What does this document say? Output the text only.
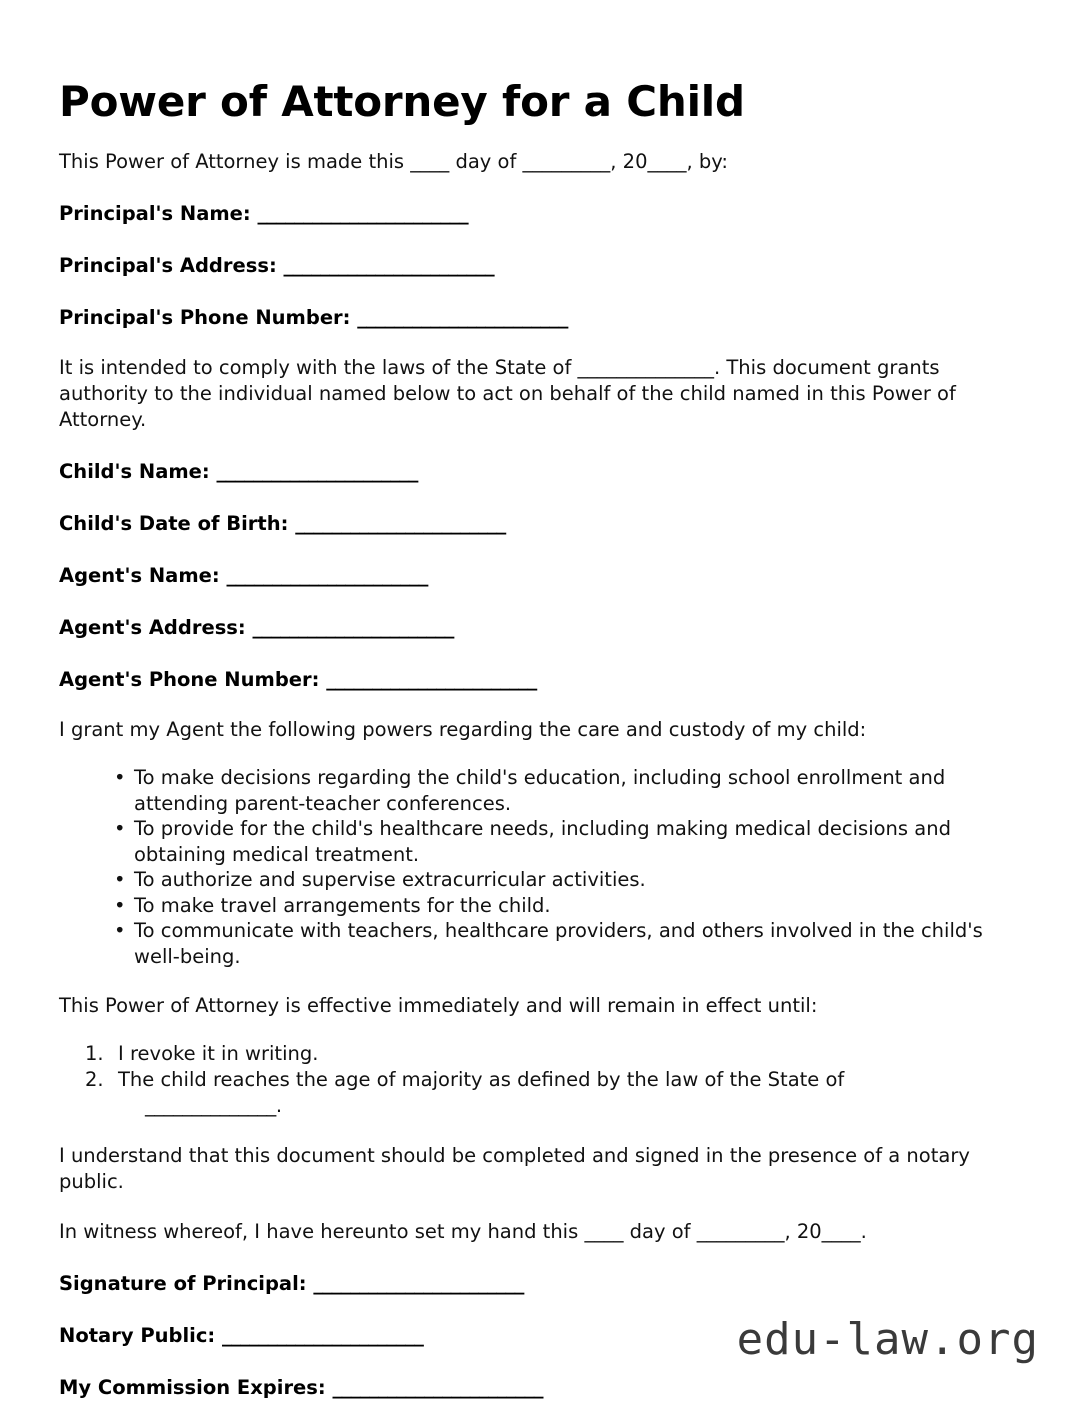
Power of Attorney for a Child

This Power of Attorney is made this ____ day of _________, 20____, by:

Principal's Name: _______________________

Principal's Address: _______________________

Principal's Phone Number: _______________________

It is intended to comply with the laws of the State of ______________. This document grants authority to the individual named below to act on behalf of the child named in this Power of Attorney.

Child's Name: ______________________

Child's Date of Birth: _______________________

Agent's Name: ______________________

Agent's Address: ______________________

Agent's Phone Number: _______________________

I grant my Agent the following powers regarding the care and custody of my child:

• To make decisions regarding the child's education, including school enrollment and attending parent-teacher conferences.
• To provide for the child's healthcare needs, including making medical decisions and obtaining medical treatment.
• To authorize and supervise extracurricular activities.
• To make travel arrangements for the child.
• To communicate with teachers, healthcare providers, and others involved in the child's well-being.

This Power of Attorney is effective immediately and will remain in effect until:

I revoke it in writing.
The child reaches the age of majority as defined by the law of the State of
______________.

I understand that this document should be completed and signed in the presence of a notary public.

In witness whereof, I have hereunto set my hand this ____ day of _________, 20____.

Signature of Principal: _______________________

Notary Public: ______________________

My Commission Expires: _______________________

edu-law.org
